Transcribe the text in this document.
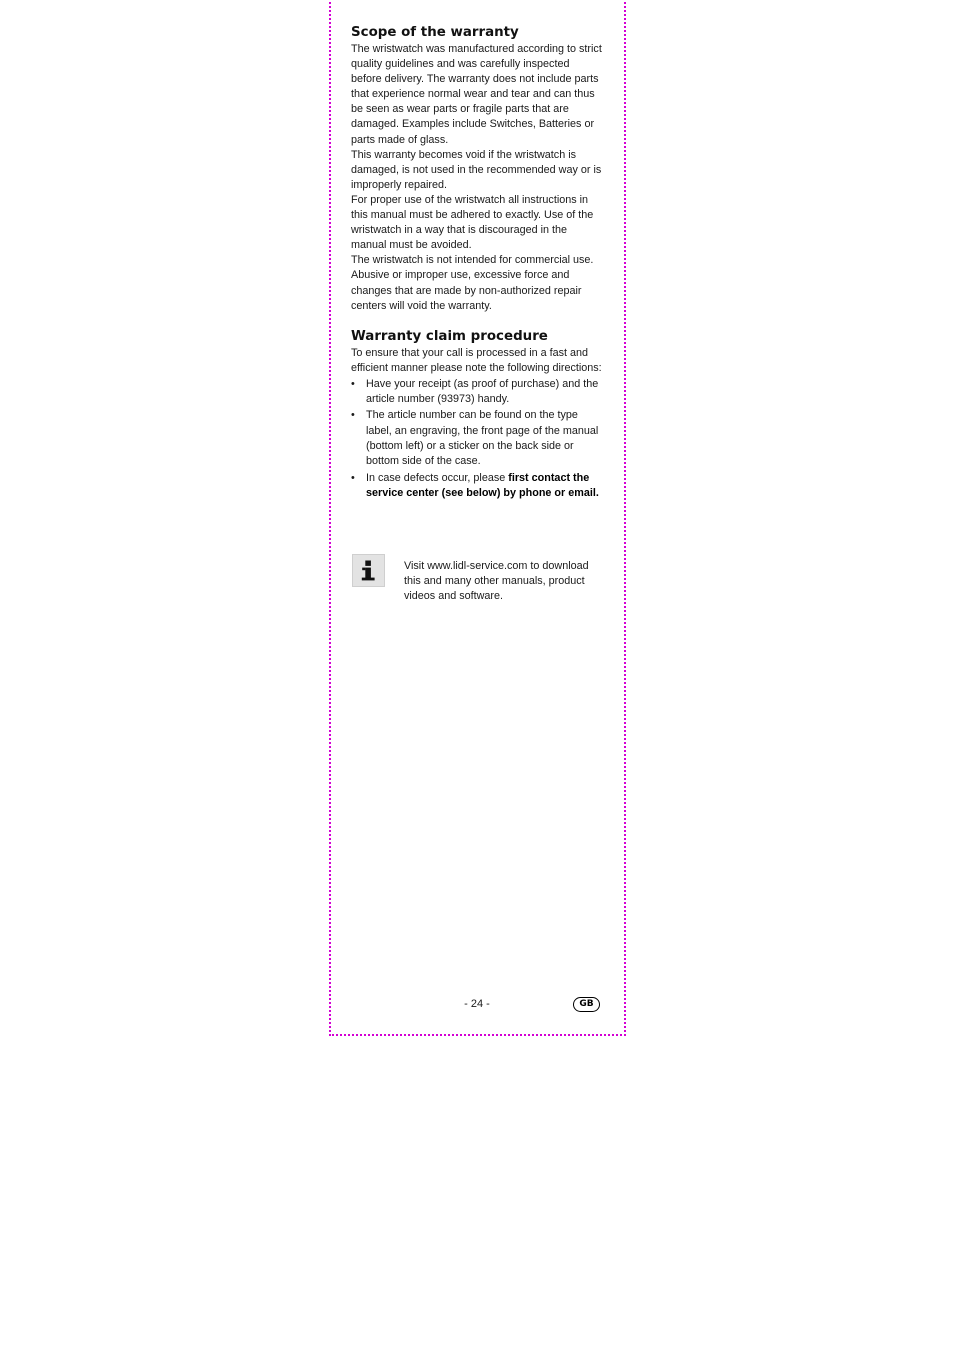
Scope of the warranty

The wristwatch was manufactured according to strict quality guidelines and was carefully inspected before delivery. The warranty does not include parts that experience normal wear and tear and can thus be seen as wear parts or fragile parts that are damaged. Examples include Switches, Batteries or parts made of glass.

This warranty becomes void if the wristwatch is damaged, is not used in the recommended way or is improperly repaired.

For proper use of the wristwatch all instructions in this manual must be adhered to exactly. Use of the wristwatch in a way that is discouraged in the manual must be avoided.

The wristwatch is not intended for commercial use. Abusive or improper use, excessive force and changes that are made by non-authorized repair centers will void the warranty.

Warranty claim procedure

To ensure that your call is processed in a fast and efficient manner please note the following directions:

• Have your receipt (as proof of purchase) and the article number (93973) handy.
• The article number can be found on the type label, an engraving, the front page of the manual (bottom left) or a sticker on the back side or bottom side of the case.
• In case defects occur, please first contact the service center (see below) by phone or email.

Visit www.lidl-service.com to download this and many other manuals, product videos and software.

- 24 -	GB
